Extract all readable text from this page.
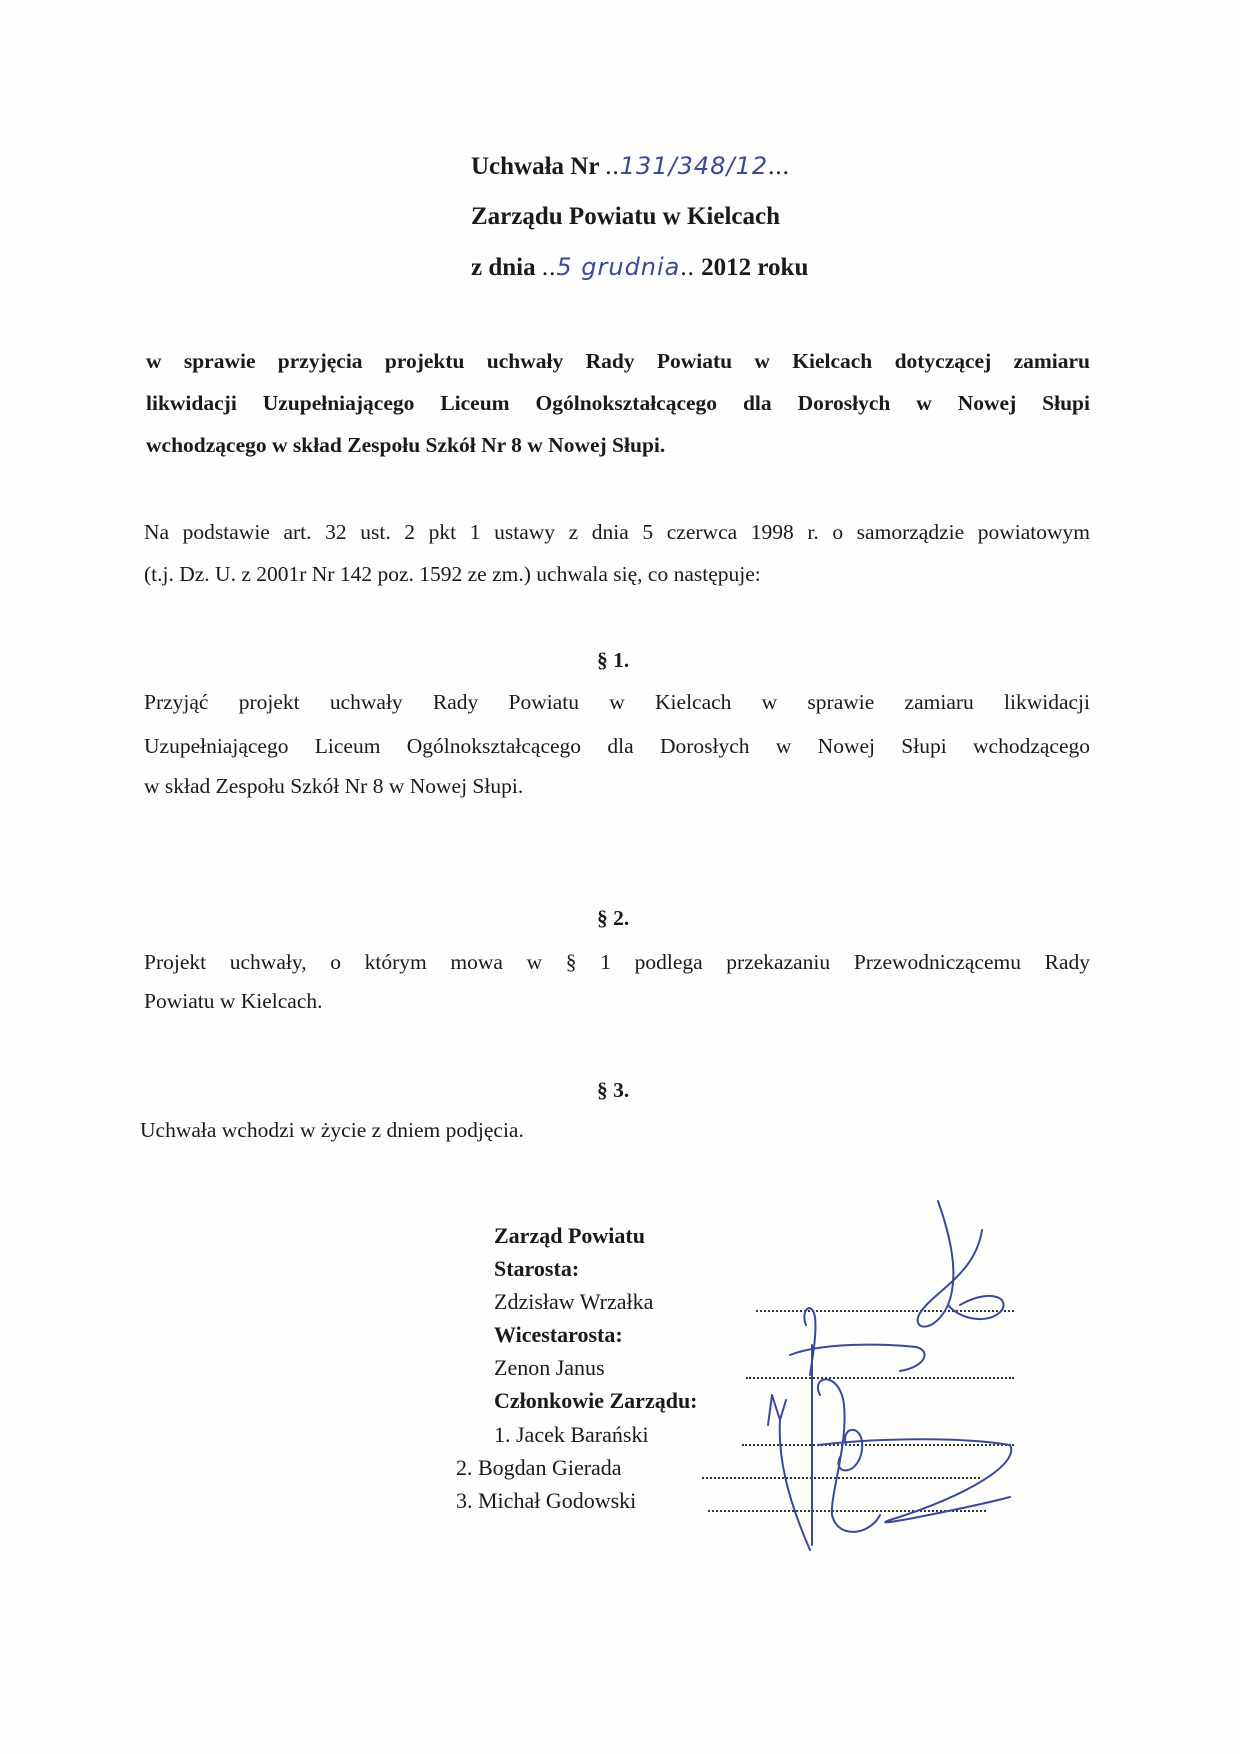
Uchwała Nr ..131/348/12...
Zarządu Powiatu w Kielcach
z dnia ..5 grudnia.. 2012 roku
w sprawie przyjęcia projektu uchwały Rady Powiatu w Kielcach dotyczącej zamiaru
likwidacji Uzupełniającego Liceum Ogólnokształcącego dla Dorosłych w Nowej Słupi
wchodzącego w skład Zespołu Szkół Nr 8 w Nowej Słupi.
Na podstawie art. 32 ust. 2 pkt 1 ustawy z dnia 5 czerwca 1998 r. o samorządzie powiatowym
(t.j. Dz. U. z 2001r Nr 142 poz. 1592 ze zm.) uchwala się, co następuje:
§ 1.
Przyjąć projekt uchwały Rady Powiatu w Kielcach w sprawie zamiaru likwidacji
Uzupełniającego Liceum Ogólnokształcącego dla Dorosłych w Nowej Słupi wchodzącego
w skład Zespołu Szkół Nr 8 w Nowej Słupi.
§ 2.
Projekt uchwały, o którym mowa w § 1 podlega przekazaniu Przewodniczącemu Rady
Powiatu w Kielcach.
§ 3.
Uchwała wchodzi w życie z dniem podjęcia.
Zarząd Powiatu
Starosta:
Zdzisław Wrzałka
Wicestarosta:
Zenon Janus
Członkowie Zarządu:
1. Jacek Barański
2. Bogdan Gierada
3. Michał Godowski
